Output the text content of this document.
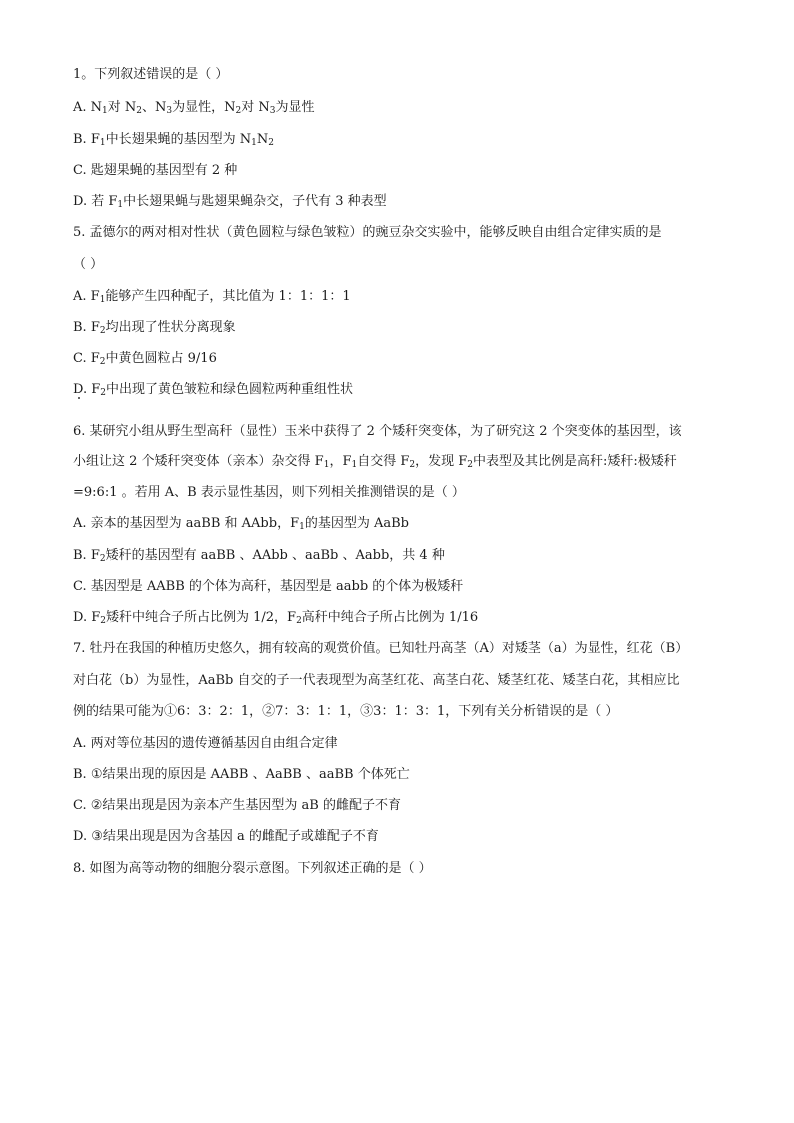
1。下列叙述错误的是（ ）
A. $N_1$对 $N_2$、$N_3$为显性，$N_2$对 $N_3$为显性
B. $F_1$中长翅果蝇的基因型为 $N_1N_2$
C. 匙翅果蝇的基因型有 2 种
D. 若 $F_1$中长翅果蝇与匙翅果蝇杂交，子代有 3 种表型
5. 孟德尔的两对相对性状（黄色圆粒与绿色皱粒）的豌豆杂交实验中，能够反映自由组合定律实质的是
（ ）
A. $F_1$能够产生四种配子，其比值为 1：1：1：1
B. $F_2$均出现了性状分离现象
C. $F_2$中黄色圆粒占 9/16
D. $F_2$中出现了黄色皱粒和绿色圆粒两种重组性状
6. 某研究小组从野生型高秆（显性）玉米中获得了 2 个矮秆突变体，为了研究这 2 个突变体的基因型，该
小组让这 2 个矮秆突变体（亲本）杂交得 $F_1$，$F_1$自交得 $F_2$，发现 $F_2$中表型及其比例是高秆:矮秆:极矮秆
=9:6:1 。若用 A、B 表示显性基因，则下列相关推测错误的是（ ）
A. 亲本的基因型为 aaBB 和 AAbb，$F_1$的基因型为 AaBb
B. $F_2$矮秆的基因型有 aaBB 、AAbb 、aaBb 、Aabb，共 4 种
C. 基因型是 AABB 的个体为高秆，基因型是 aabb 的个体为极矮秆
D. $F_2$矮秆中纯合子所占比例为 1/2，$F_2$高秆中纯合子所占比例为 1/16
7. 牡丹在我国的种植历史悠久，拥有较高的观赏价值。已知牡丹高茎（A）对矮茎（a）为显性，红花（B）
对白花（b）为显性，AaBb 自交的子一代表现型为高茎红花、高茎白花、矮茎红花、矮茎白花，其相应比
例的结果可能为①6：3：2：1，②7：3：1：1，③3：1：3：1，下列有关分析错误的是（ ）
A. 两对等位基因的遗传遵循基因自由组合定律
B. ①结果出现的原因是 AABB 、AaBB 、aaBB 个体死亡
C. ②结果出现是因为亲本产生基因型为 aB 的雌配子不育
D. ③结果出现是因为含基因 a 的雌配子或雄配子不育
8. 如图为高等动物的细胞分裂示意图。下列叙述正确的是（ ）
